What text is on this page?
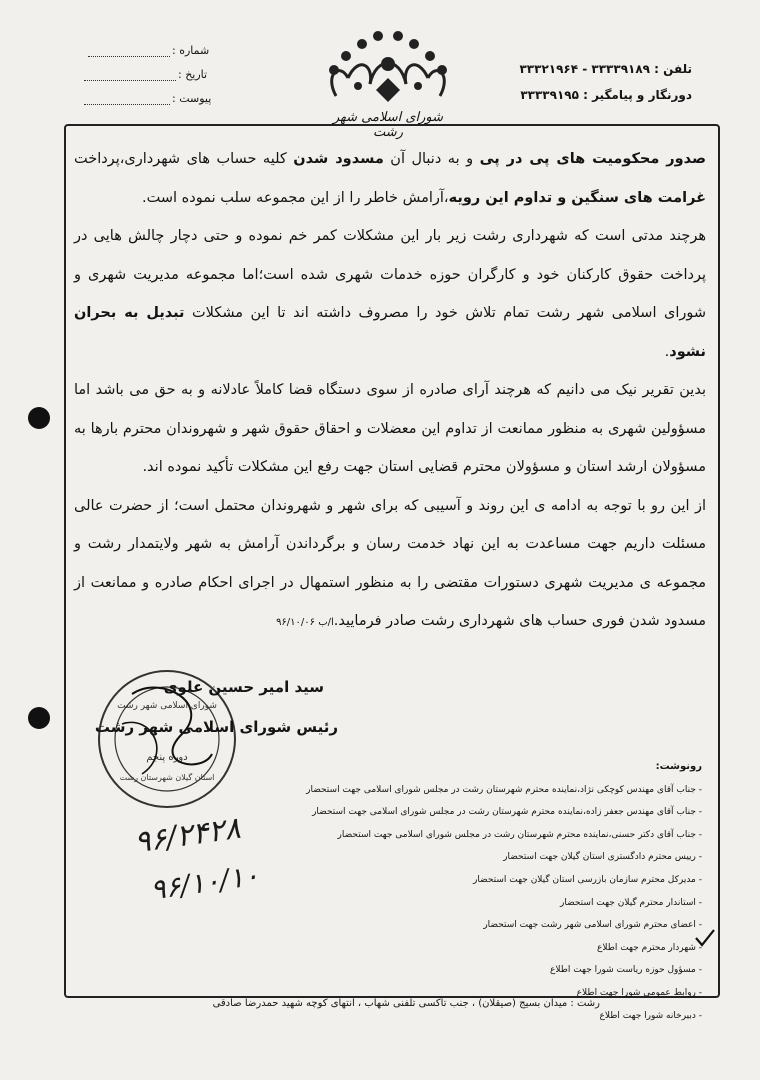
شماره :
تاریخ :
پیوست :
تلفن : ۳۳۳۳۹۱۸۹ - ۳۳۳۲۱۹۶۴
دورنگار و پیامگیر : ۳۳۳۳۹۱۹۵
شورای اسلامی شهر رشت

صدور محکومیت های پی در پی و به دنبال آن مسدود شدن کلیه حساب های شهرداری،پرداخت غرامت های سنگین و تداوم این رویه،آرامش خاطر را از این مجموعه سلب نموده است.

هرچند مدتی است که شهرداری رشت زیر بار این مشکلات کمر خم نموده و حتی دچار چالش هایی در پرداخت حقوق کارکنان خود و کارگران حوزه خدمات شهری شده است؛اما مجموعه مدیریت شهری و شورای اسلامی شهر رشت تمام تلاش خود را مصروف داشته اند تا این مشکلات تبدیل به بحران نشود.

بدین تقریر نیک می دانیم که هرچند آرای صادره از سوی دستگاه قضا کاملاً عادلانه و به حق می باشد اما مسؤولین شهری به منظور ممانعت از تداوم این معضلات و احقاق حقوق شهر و شهروندان محترم بارها به مسؤولان ارشد استان و مسؤولان محترم قضایی استان جهت رفع این مشکلات تأکید نموده اند.

از این رو با توجه به ادامه ی این روند و آسیبی که برای شهر و شهروندان محتمل است؛ از حضرت عالی مسئلت داریم جهت مساعدت به این نهاد خدمت رسان و برگرداندن آرامش به شهر ولایتمدار رشت و مجموعه ی مدیریت شهری دستورات مقتضی را به منظور استمهال در اجرای احکام صادره و ممانعت از مسدود شدن فوری حساب های شهرداری رشت صادر فرمایید.ا/ب ۹۶/۱۰/۰۶

شورای اسلامی شهر رشت
دوره پنجم
استان گیلان شهرستان رشت
سید امیر حسین علوی
رئیس شورای اسلامی شهر رشت
رونوشت:
- جناب آقای مهندس کوچکی نژاد،نماینده محترم شهرستان رشت در مجلس شورای اسلامی جهت استحضار
- جناب آقای مهندس جعفر زاده،نماینده محترم شهرستان رشت در مجلس شورای اسلامی جهت استحضار
- جناب آقای دکتر حسنی،نماینده محترم شهرستان رشت در مجلس شورای اسلامی جهت استحضار
- رییس محترم دادگستری استان گیلان جهت استحضار
- مدیرکل محترم سازمان بازرسی استان گیلان جهت استحضار
- استاندار محترم گیلان جهت استحضار
- اعضای محترم شورای اسلامی شهر رشت جهت استحضار
- شهردار محترم جهت اطلاع
- مسؤول حوزه ریاست شورا جهت اطلاع
- روابط عمومی شورا جهت اطلاع
- دبیرخانه شورا جهت اطلاع
۹۶/۲۴۲۸
۹۶/۱۰/۱۰
رشت : میدان بسیج (صیقلان) ، جنب تاکسی تلفنی شهاب ، انتهای کوچه شهید حمدرضا صادقی
